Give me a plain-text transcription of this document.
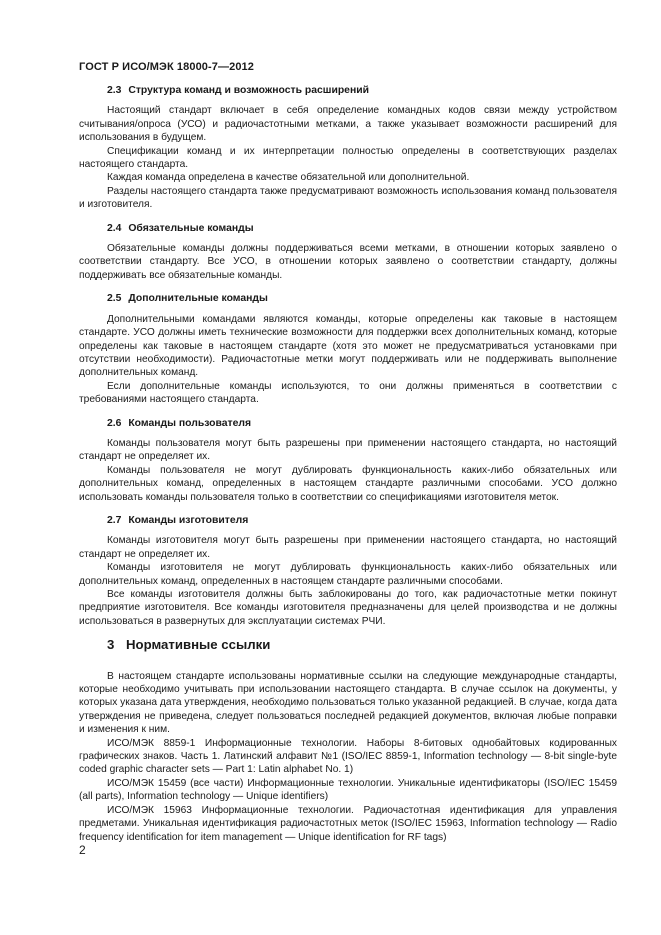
ГОСТ Р ИСО/МЭК 18000-7—2012
2.3 Структура команд и возможность расширений

Настоящий стандарт включает в себя определение командных кодов связи между устройством считывания/опроса (УСО) и радиочастотными метками, а также указывает возможности расширений для использования в будущем.

Спецификации команд и их интерпретации полностью определены в соответствующих разделах настоящего стандарта.

Каждая команда определена в качестве обязательной или дополнительной.

Разделы настоящего стандарта также предусматривают возможность использования команд пользователя и изготовителя.

2.4 Обязательные команды

Обязательные команды должны поддерживаться всеми метками, в отношении которых заявлено о соответствии стандарту. Все УСО, в отношении которых заявлено о соответствии стандарту, должны поддерживать все обязательные команды.

2.5 Дополнительные команды

Дополнительными командами являются команды, которые определены как таковые в настоящем стандарте. УСО должны иметь технические возможности для поддержки всех дополнительных команд, которые определены как таковые в настоящем стандарте (хотя это может не предусматриваться установками при отсутствии необходимости). Радиочастотные метки могут поддерживать или не поддерживать выполнение дополнительных команд.

Если дополнительные команды используются, то они должны применяться в соответствии с требованиями настоящего стандарта.

2.6 Команды пользователя

Команды пользователя могут быть разрешены при применении настоящего стандарта, но настоящий стандарт не определяет их.

Команды пользователя не могут дублировать функциональность каких-либо обязательных или дополнительных команд, определенных в настоящем стандарте различными способами. УСО должно использовать команды пользователя только в соответствии со спецификациями изготовителя меток.

2.7 Команды изготовителя

Команды изготовителя могут быть разрешены при применении настоящего стандарта, но настоящий стандарт не определяет их.

Команды изготовителя не могут дублировать функциональность каких-либо обязательных или дополнительных команд, определенных в настоящем стандарте различными способами.

Все команды изготовителя должны быть заблокированы до того, как радиочастотные метки покинут предприятие изготовителя. Все команды изготовителя предназначены для целей производства и не должны использоваться в развернутых для эксплуатации системах РЧИ.

3 Нормативные ссылки

В настоящем стандарте использованы нормативные ссылки на следующие международные стандарты, которые необходимо учитывать при использовании настоящего стандарта. В случае ссылок на документы, у которых указана дата утверждения, необходимо пользоваться только указанной редакцией. В случае, когда дата утверждения не приведена, следует пользоваться последней редакцией документов, включая любые поправки и изменения к ним.

ИСО/МЭК 8859-1 Информационные технологии. Наборы 8-битовых однобайтовых кодированных графических знаков. Часть 1. Латинский алфавит №1 (ISO/IEC 8859-1, Information technology — 8-bit single-byte coded graphic character sets — Part 1: Latin alphabet No. 1)

ИСО/МЭК 15459 (все части) Информационные технологии. Уникальные идентификаторы (ISO/IEC 15459 (all parts), Information technology — Unique identifiers)

ИСО/МЭК 15963 Информационные технологии. Радиочастотная идентификация для управления предметами. Уникальная идентификация радиочастотных меток (ISO/IEC 15963, Information technology — Radio frequency identification for item management — Unique identification for RF tags)

2
